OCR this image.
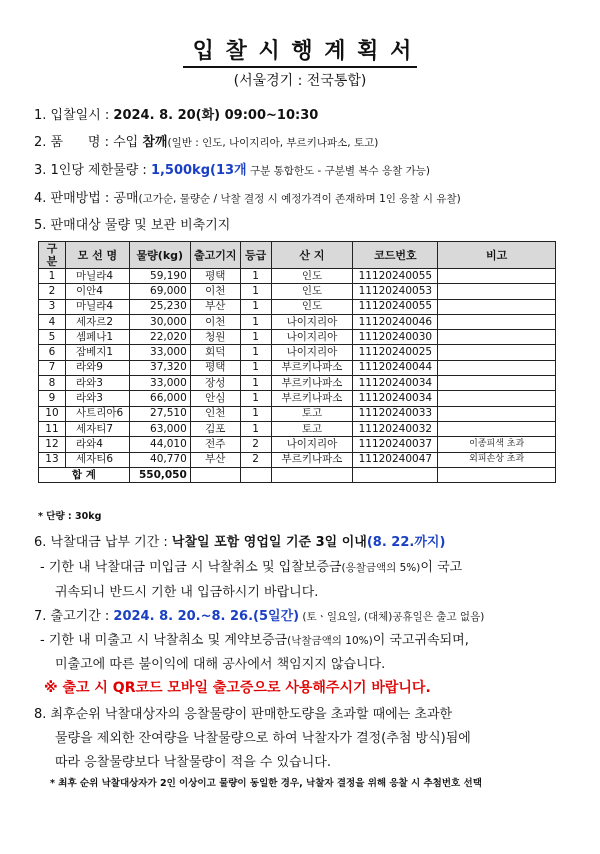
입 찰 시 행 계 획 서
(서울경기 : 전국통합)
1. 입찰일시 : 2024. 8. 20(화) 09:00~10:30
2. 품      명 : 수입 참깨(일반 : 인도, 나이지리아, 부르키나파소, 토고)
3. 1인당 제한물량 : 1,500kg(13개 구분 통합한도 - 구분별 복수 응찰 가능)
4. 판매방법 : 공매(고가순, 물량순 / 낙찰 결정 시 예정가격이 존재하며 1인 응찰 시 유찰)
5. 판매대상 물량 및 보관 비축기지
구분	모 선 명	물량(kg)	출고기지	등급	산 지	코드번호	비고
1	마닐라4	59,190	평택	1	인도	11120240055	
2	이안4	69,000	이천	1	인도	11120240053	
3	마닐라4	25,230	부산	1	인도	11120240055	
4	세자르2	30,000	이천	1	나이지리아	11120240046	
5	셈페나1	22,020	청원	1	나이지리아	11120240030	
6	잠베지1	33,000	회덕	1	나이지리아	11120240025	
7	라와9	37,320	평택	1	부르키나파소	11120240044	
8	라와3	33,000	장성	1	부르키나파소	11120240034	
9	라와3	66,000	안심	1	부르키나파소	11120240034	
10	사트리아6	27,510	인천	1	토고	11120240033	
11	세자티7	63,000	김포	1	토고	11120240032	
12	라와4	44,010	전주	2	나이지리아	11120240037	이종피색 초과
13	세자티6	40,770	부산	2	부르키나파소	11120240047	외피손상 초과
합 계		550,050					
* 단량 : 30kg
6. 낙찰대금 납부 기간 : 낙찰일 포함 영업일 기준 3일 이내(8. 22.까지)
- 기한 내 낙찰대금 미입금 시 낙찰취소 및 입찰보증금(응찰금액의 5%)이 국고
귀속되니 반드시 기한 내 입금하시기 바랍니다.
7. 출고기간 : 2024. 8. 20.~8. 26.(5일간) (토ㆍ일요일, (대체)공휴일은 출고 없음)
- 기한 내 미출고 시 낙찰취소 및 계약보증금(낙찰금액의 10%)이 국고귀속되며,
미출고에 따른 불이익에 대해 공사에서 책임지지 않습니다.
※ 출고 시 QR코드 모바일 출고증으로 사용해주시기 바랍니다.
8. 최후순위 낙찰대상자의 응찰물량이 판매한도량을 초과할 때에는 초과한
물량을 제외한 잔여량을 낙찰물량으로 하여 낙찰자가 결정(추첨 방식)됨에
따라 응찰물량보다 낙찰물량이 적을 수 있습니다.
* 최후 순위 낙찰대상자가 2인 이상이고 물량이 동일한 경우, 낙찰자 결정을 위해 응찰 시 추첨번호 선택
